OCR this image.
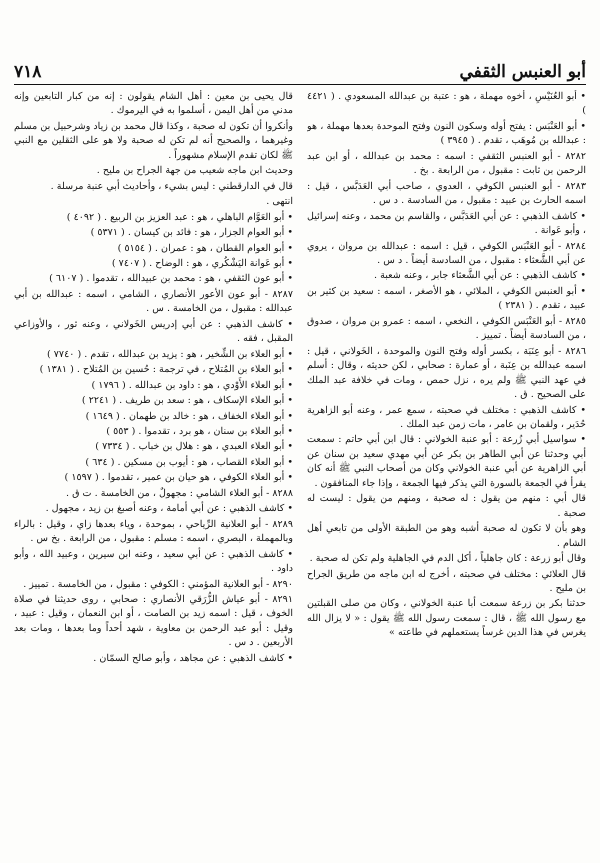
٧١٨	أبو العنبس الثقفي
• أبو العُنَيْسِ ، أخوه مهملة ، هو : عتبة بن عبدالله المسعودي . ( ٤٤٢١ )
• أبو العَنْبَس : يفتح أوله وسكون النون وفتح الموحدة بعدها مهملة ، هو : عبدالله بن مُوهَب ، تقدم . ( ٣٩٤٥ )
٨٢٨٢ - أبو العنبس الثقفي : اسمه : محمد بن عبدالله ، أو ابن عبد الرحمن بن ثابت : مقبول ، من الرابعة . بخ .
٨٢٨٣ - أبو العنبس الكوفي ، العدوي ، صاحب أبي العَدَبَّس ، قيل : اسمه الحارث بن عبيد : مقبول ، من السادسة . د س .
• كاشف الذهبي : عن أبي العَدَبَّس ، والقاسم بن محمد ، وعنه إسرائيل ، وأبو عَوانة .
٨٢٨٤ - أبو العَنْبَس الكوفي ، قيل : اسمه : عبدالله بن مروان ، يروي عن أبي الشَّعثاء : مقبول ، من السادسة أيضاً . د س .
• كاشف الذهبي : عن أبي الشَّعثاء جابر ، وعنه شعبة .
• أبو العنبس الكوفي ، الملائي ، هو الأصغر ، اسمه : سعيد بن كثير بن عبيد ، تقدم . ( ٢٣٨١ )
٨٢٨٥ - أبو العَنْبَس الكوفي ، النخعي ، اسمه : عمرو بن مروان ، صدوق ، من السادسة أيضاً . تمييز .
٨٢٨٦ - أبو عِنَبَة ، بكسر أوله وفتح النون والموحدة ، الخَولاني ، قيل : اسمه عبدالله بن عِنَبة ، أو عمارة : صحابي ، لكن حديثه ، وقال : أسلم في عهد النبي ﷺ ولم يره ، نزل حمص ، ومات في خلافة عبد الملك على الصحيح . ق .
• كاشف الذهبي : مختلف في صحبته ، سمع عمر ، وعنه أبو الزاهرية حُدَير ، ولقمان بن عامر ، مات زمن عبد الملك .
• سواسيل أبي زُرعة : أبو عنبة الخولاني : قال ابن أبي حاتم : سمعت أبي وحدثنا عن أبي الطاهر بن بكر عن أبي مهدي سعيد بن سنان عن أبي الزاهرية عن أبي عنبة الخولاني وكان من أصحاب النبي ﷺ أنه كان يقرأ في الجمعة بالسورة التي يذكر فيها الجمعة ، وإذا جاء المنافقون .
قال أبي : منهم من يقول : له صحبة ، ومنهم من يقول : ليست له صحبة .
وهو بأن لا تكون له صحبة أشبه وهو من الطبقة الأولى من تابعي أهل الشام .
وقال أبو زرعة : كان جاهلياً ، أكل الدم في الجاهلية ولم تكن له صحبة .
قال العلائي : مختلف في صحبته ، أخرج له ابن ماجه من طريق الجراح بن مليح .
حدثنا بكر بن زرعة سمعت أبا عنبة الخولاني ، وكان من صلى القبلتين مع رسول الله ﷺ ، قال : سمعت رسول الله ﷺ يقول : « لا يزال الله يغرس في هذا الدين غرساً يستعملهم في طاعته »
قال يحيى بن معين : أهل الشام يقولون : إنه من كبار التابعين وإنه مدني من أهل اليمن ، أسلموا به في اليرموك .
وأنكروا أن تكون له صحبة ، وكذا قال محمد بن زياد وشرحبيل بن مسلم وغيرهما ، والصحيح أنه لم تكن له صحبة ولا هو على الثقلين مع النبي ﷺ لكان تقدم الإسلام مشهوراً .
وحديث ابن ماجه شعيب من جهة الجراح بن مليح .
قال في الدارقطني : ليس بشيء ، وأحاديث أبي عنبة مرسلة .
انتهى .
• أبو العَوَّام الباهلي ، هو : عبد العزيز بن الربيع . ( ٤٠٩٢ )
• أبو العوام الجزار ، هو : فائد بن كيسان . ( ٥٣٧١ )
• أبو العوام القطان ، هو : عمران . ( ٥١٥٤ )
• أبو عَوانة اليَشْكُري ، هو : الوضاح . ( ٧٤٠٧ )
• أبو عون الثقفي ، هو : محمد بن عبيدالله ، تقدموا . ( ٦١٠٧ )
٨٢٨٧ - أبو عون الأعور الأنصاري ، الشامي ، اسمه : عبدالله بن أبي عبدالله : مقبول ، من الخامسة . س .
• كاشف الذهبي : عن أبي إدريس الخَولاني ، وعنه ثور ، والأوزاعي المقبل ، فقه .
• أبو العلاء بن الشِّخير ، هو : يزيد بن عبدالله ، تقدم . ( ٧٧٤٠ )
• أبو العلاء بن المُتلاح ، في ترجمة : حُسين بن المُتلاح . ( ١٣٨١ )
• أبو العلاء الأَوْدي ، هو : داود بن عبدالله . ( ١٧٩٦ )
• أبو العلاء الإسكاف ، هو : سعد بن طريف . ( ٢٢٤١ )
• أبو العلاء الخفاف ، هو : خالد بن طهمان . ( ١٦٤٩ )
• أبو العلاء بن سنان ، هو برد ، تقدموا . ( ٥٥٣ )
• أبو العلاء العبدي ، هو : هلال بن خباب . ( ٧٣٣٤ )
• أبو العلاء القصاب ، هو : أيوب بن مسكين . ( ٦٣٤ )
• أبو العلاء الكوفي ، هو حيان بن عمير ، تقدموا . ( ١٥٩٧ )
٨٢٨٨ - أبو العلاء الشامي : مجهولٌ ، من الخامسة . ت ق .
• كاشف الذهبي : عن أبي أمامة ، وعنه أصبغ بن زيد ، مجهول .
٨٢٨٩ - أبو العلانية الرِّياحي ، بموحدة ، وياء بعدها زاي ، وقيل : بالراء وبالمهملة ، البصري ، اسمه : مسلم : مقبول ، من الرابعة . بخ س .
• كاشف الذهبي : عن أبي سعيد ، وعنه ابن سيرين ، وعبيد الله ، وأبو داود .
٨٢٩٠ - أبو العلانية المؤمني : الكوفي : مقبول ، من الخامسة . تمييز .
٨٢٩١ - أبو عياش الزُّرَقي الأنصاري : صحابي ، روى حديثنا في صلاة الخوف ، قيل : اسمه زيد بن الصامت ، أو ابن النعمان ، وقيل : عبيد ، وقيل : أبو عبد الرحمن بن معاوية ، شهد أحداً وما بعدها ، ومات بعد الأربعين . د س .
• كاشف الذهبي : عن مجاهد ، وأبو صالح السمّان .
